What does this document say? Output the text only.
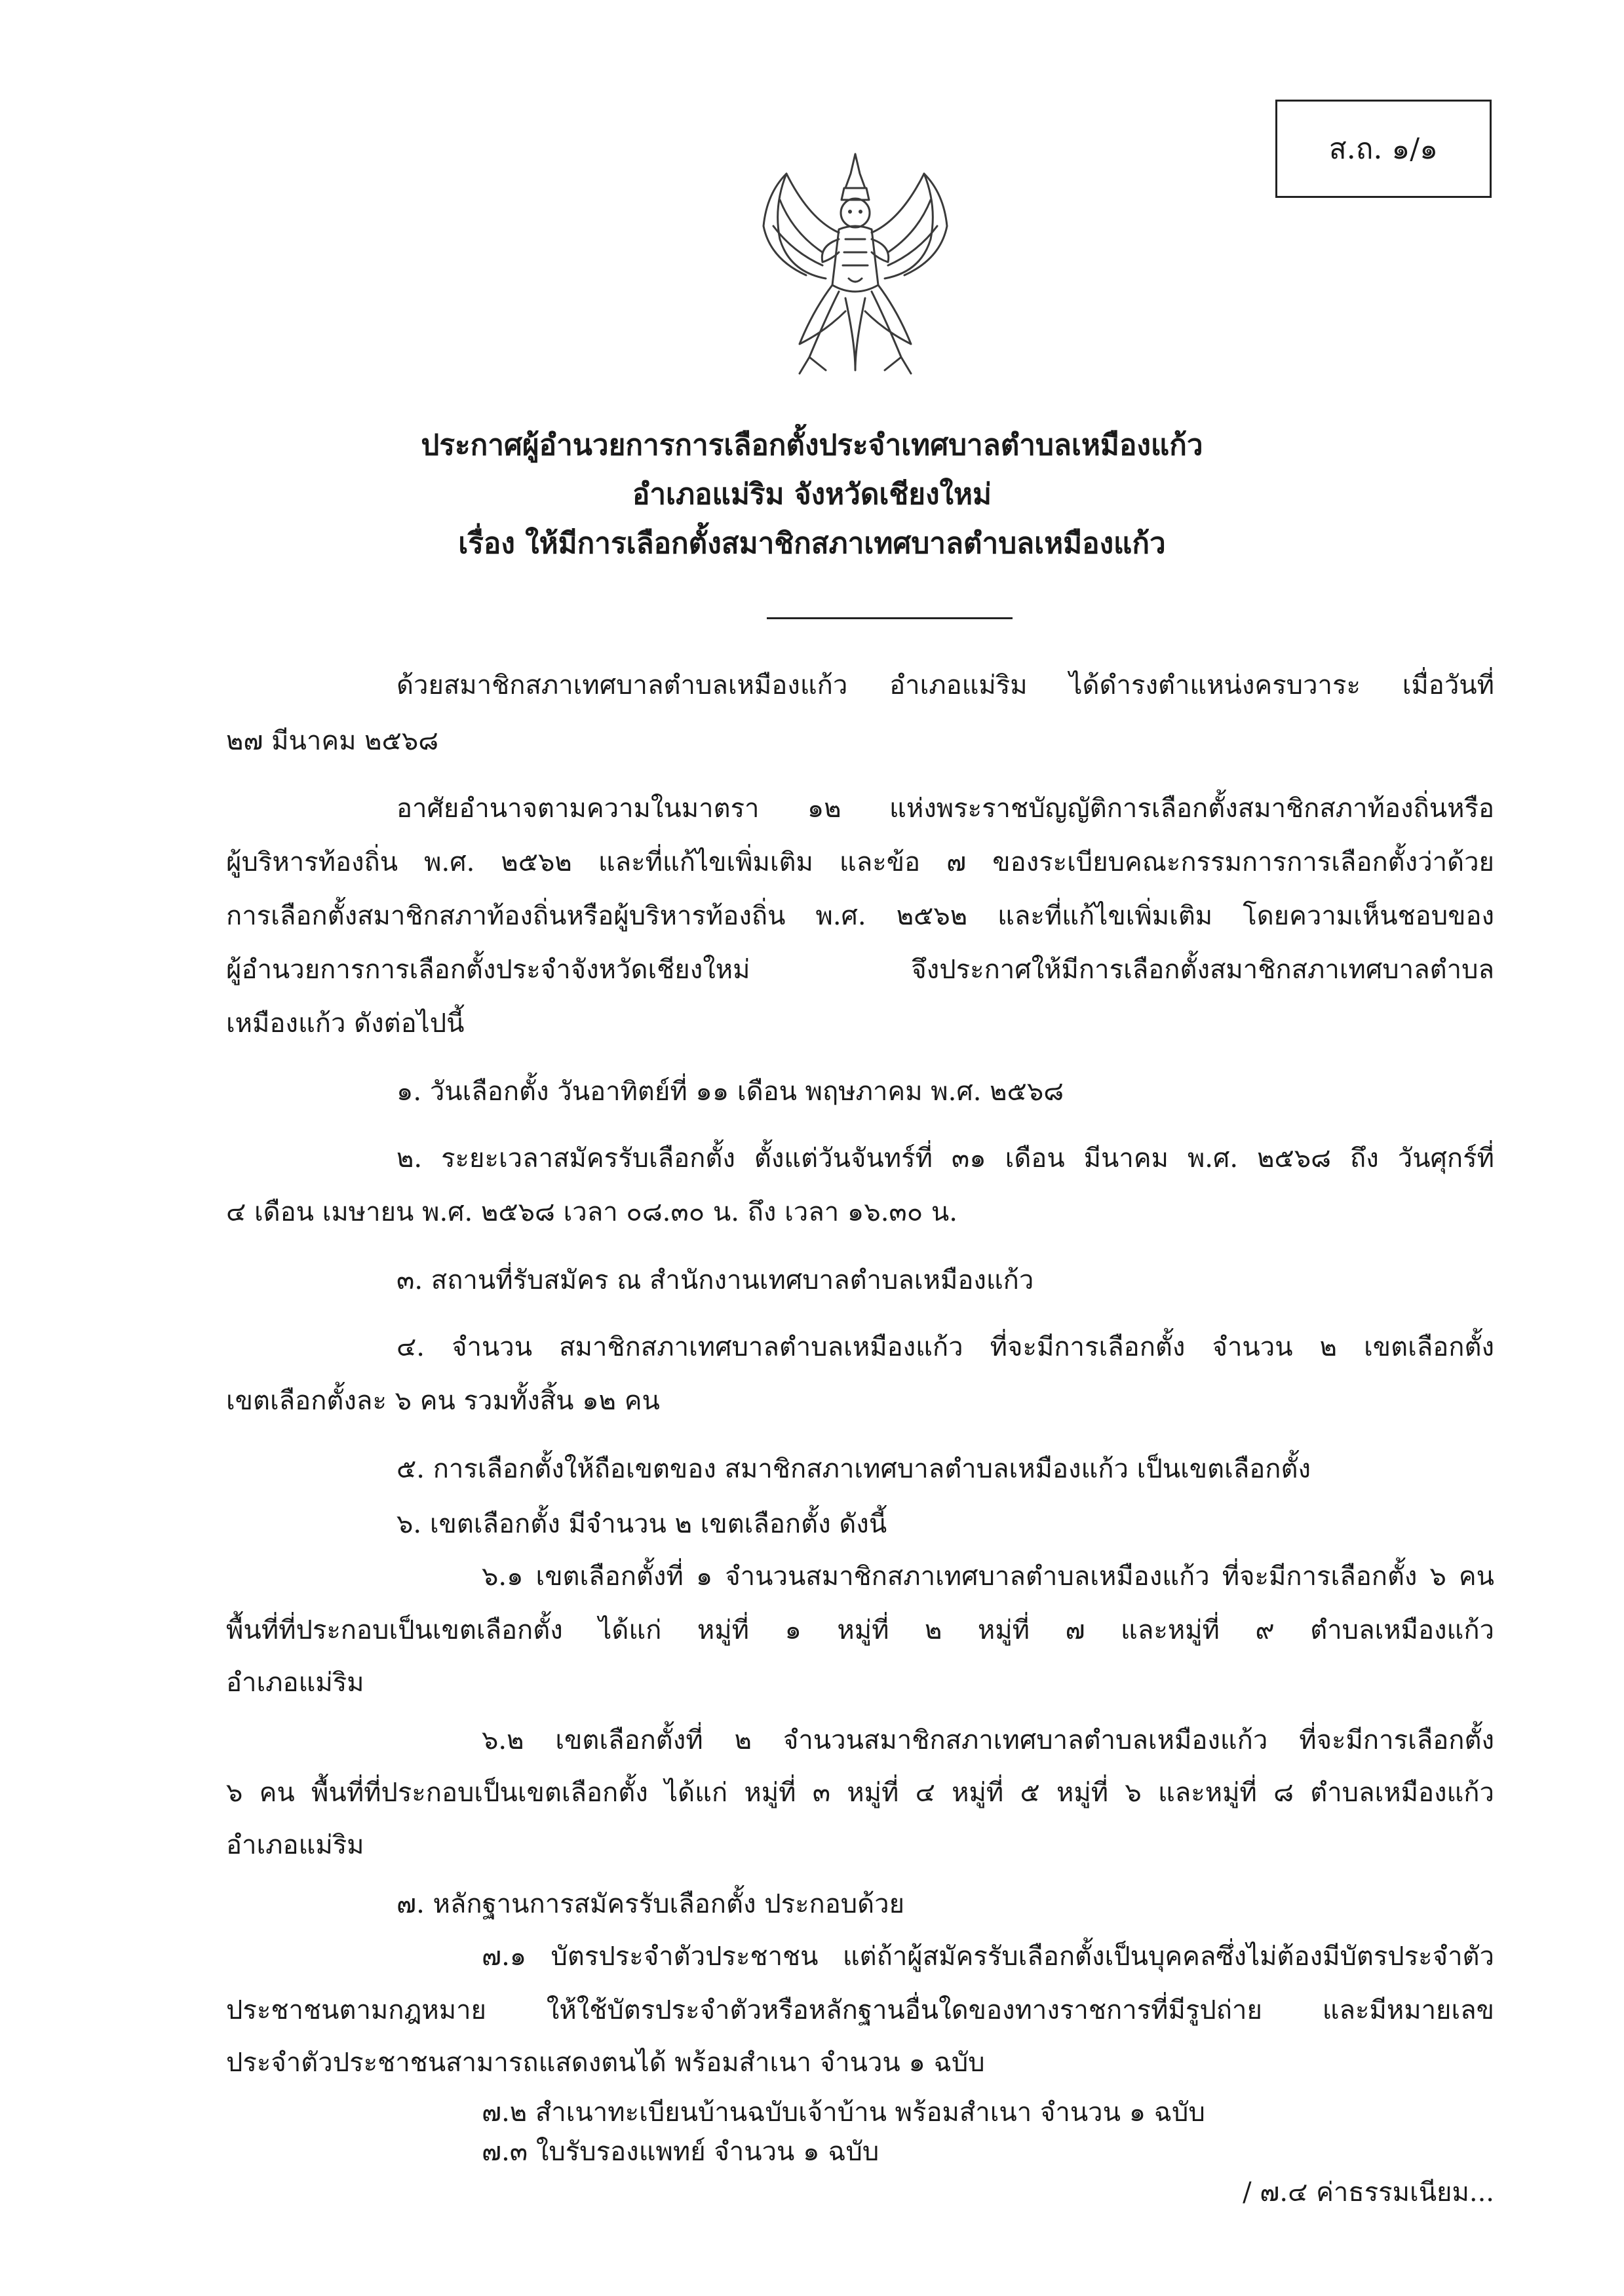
ส.ถ. ๑/๑
ประกาศผู้อำนวยการการเลือกตั้งประจำเทศบาลตำบลเหมืองแก้ว
อำเภอแม่ริม จังหวัดเชียงใหม่
เรื่อง ให้มีการเลือกตั้งสมาชิกสภาเทศบาลตำบลเหมืองแก้ว
ด้วยสมาชิกสภาเทศบาลตำบลเหมืองแก้ว อำเภอแม่ริม ได้ดำรงตำแหน่งครบวาระ เมื่อวันที่
๒๗ มีนาคม ๒๕๖๘
อาศัยอำนาจตามความในมาตรา ๑๒ แห่งพระราชบัญญัติการเลือกตั้งสมาชิกสภาท้องถิ่นหรือ
ผู้บริหารท้องถิ่น พ.ศ. ๒๕๖๒ และที่แก้ไขเพิ่มเติม และข้อ ๗ ของระเบียบคณะกรรมการการเลือกตั้งว่าด้วย
การเลือกตั้งสมาชิกสภาท้องถิ่นหรือผู้บริหารท้องถิ่น พ.ศ. ๒๕๖๒ และที่แก้ไขเพิ่มเติม โดยความเห็นชอบของ
ผู้อำนวยการการเลือกตั้งประจำจังหวัดเชียงใหม่ จึงประกาศให้มีการเลือกตั้งสมาชิกสภาเทศบาลตำบล
เหมืองแก้ว ดังต่อไปนี้
๑. วันเลือกตั้ง วันอาทิตย์ที่ ๑๑ เดือน พฤษภาคม พ.ศ. ๒๕๖๘
๒. ระยะเวลาสมัครรับเลือกตั้ง ตั้งแต่วันจันทร์ที่ ๓๑ เดือน มีนาคม พ.ศ. ๒๕๖๘ ถึง วันศุกร์ที่
๔ เดือน เมษายน พ.ศ. ๒๕๖๘ เวลา ๐๘.๓๐ น. ถึง เวลา ๑๖.๓๐ น.
๓. สถานที่รับสมัคร ณ สำนักงานเทศบาลตำบลเหมืองแก้ว
๔. จำนวน สมาชิกสภาเทศบาลตำบลเหมืองแก้ว ที่จะมีการเลือกตั้ง จำนวน ๒ เขตเลือกตั้ง
เขตเลือกตั้งละ ๖ คน รวมทั้งสิ้น ๑๒ คน
๕. การเลือกตั้งให้ถือเขตของ สมาชิกสภาเทศบาลตำบลเหมืองแก้ว เป็นเขตเลือกตั้ง
๖. เขตเลือกตั้ง มีจำนวน ๒ เขตเลือกตั้ง ดังนี้
๖.๑ เขตเลือกตั้งที่ ๑ จำนวนสมาชิกสภาเทศบาลตำบลเหมืองแก้ว ที่จะมีการเลือกตั้ง ๖ คน
พื้นที่ที่ประกอบเป็นเขตเลือกตั้ง ได้แก่ หมู่ที่ ๑ หมู่ที่ ๒ หมู่ที่ ๗ และหมู่ที่ ๙ ตำบลเหมืองแก้ว
อำเภอแม่ริม
๖.๒ เขตเลือกตั้งที่ ๒ จำนวนสมาชิกสภาเทศบาลตำบลเหมืองแก้ว ที่จะมีการเลือกตั้ง
๖ คน พื้นที่ที่ประกอบเป็นเขตเลือกตั้ง ได้แก่ หมู่ที่ ๓ หมู่ที่ ๔ หมู่ที่ ๕ หมู่ที่ ๖ และหมู่ที่ ๘ ตำบลเหมืองแก้ว
อำเภอแม่ริม
๗. หลักฐานการสมัครรับเลือกตั้ง ประกอบด้วย
๗.๑ บัตรประจำตัวประชาชน แต่ถ้าผู้สมัครรับเลือกตั้งเป็นบุคคลซึ่งไม่ต้องมีบัตรประจำตัว
ประชาชนตามกฎหมาย ให้ใช้บัตรประจำตัวหรือหลักฐานอื่นใดของทางราชการที่มีรูปถ่าย และมีหมายเลข
ประจำตัวประชาชนสามารถแสดงตนได้ พร้อมสำเนา จำนวน ๑ ฉบับ
๗.๒ สำเนาทะเบียนบ้านฉบับเจ้าบ้าน พร้อมสำเนา จำนวน ๑ ฉบับ
๗.๓ ใบรับรองแพทย์ จำนวน ๑ ฉบับ
/ ๗.๔ ค่าธรรมเนียม...
